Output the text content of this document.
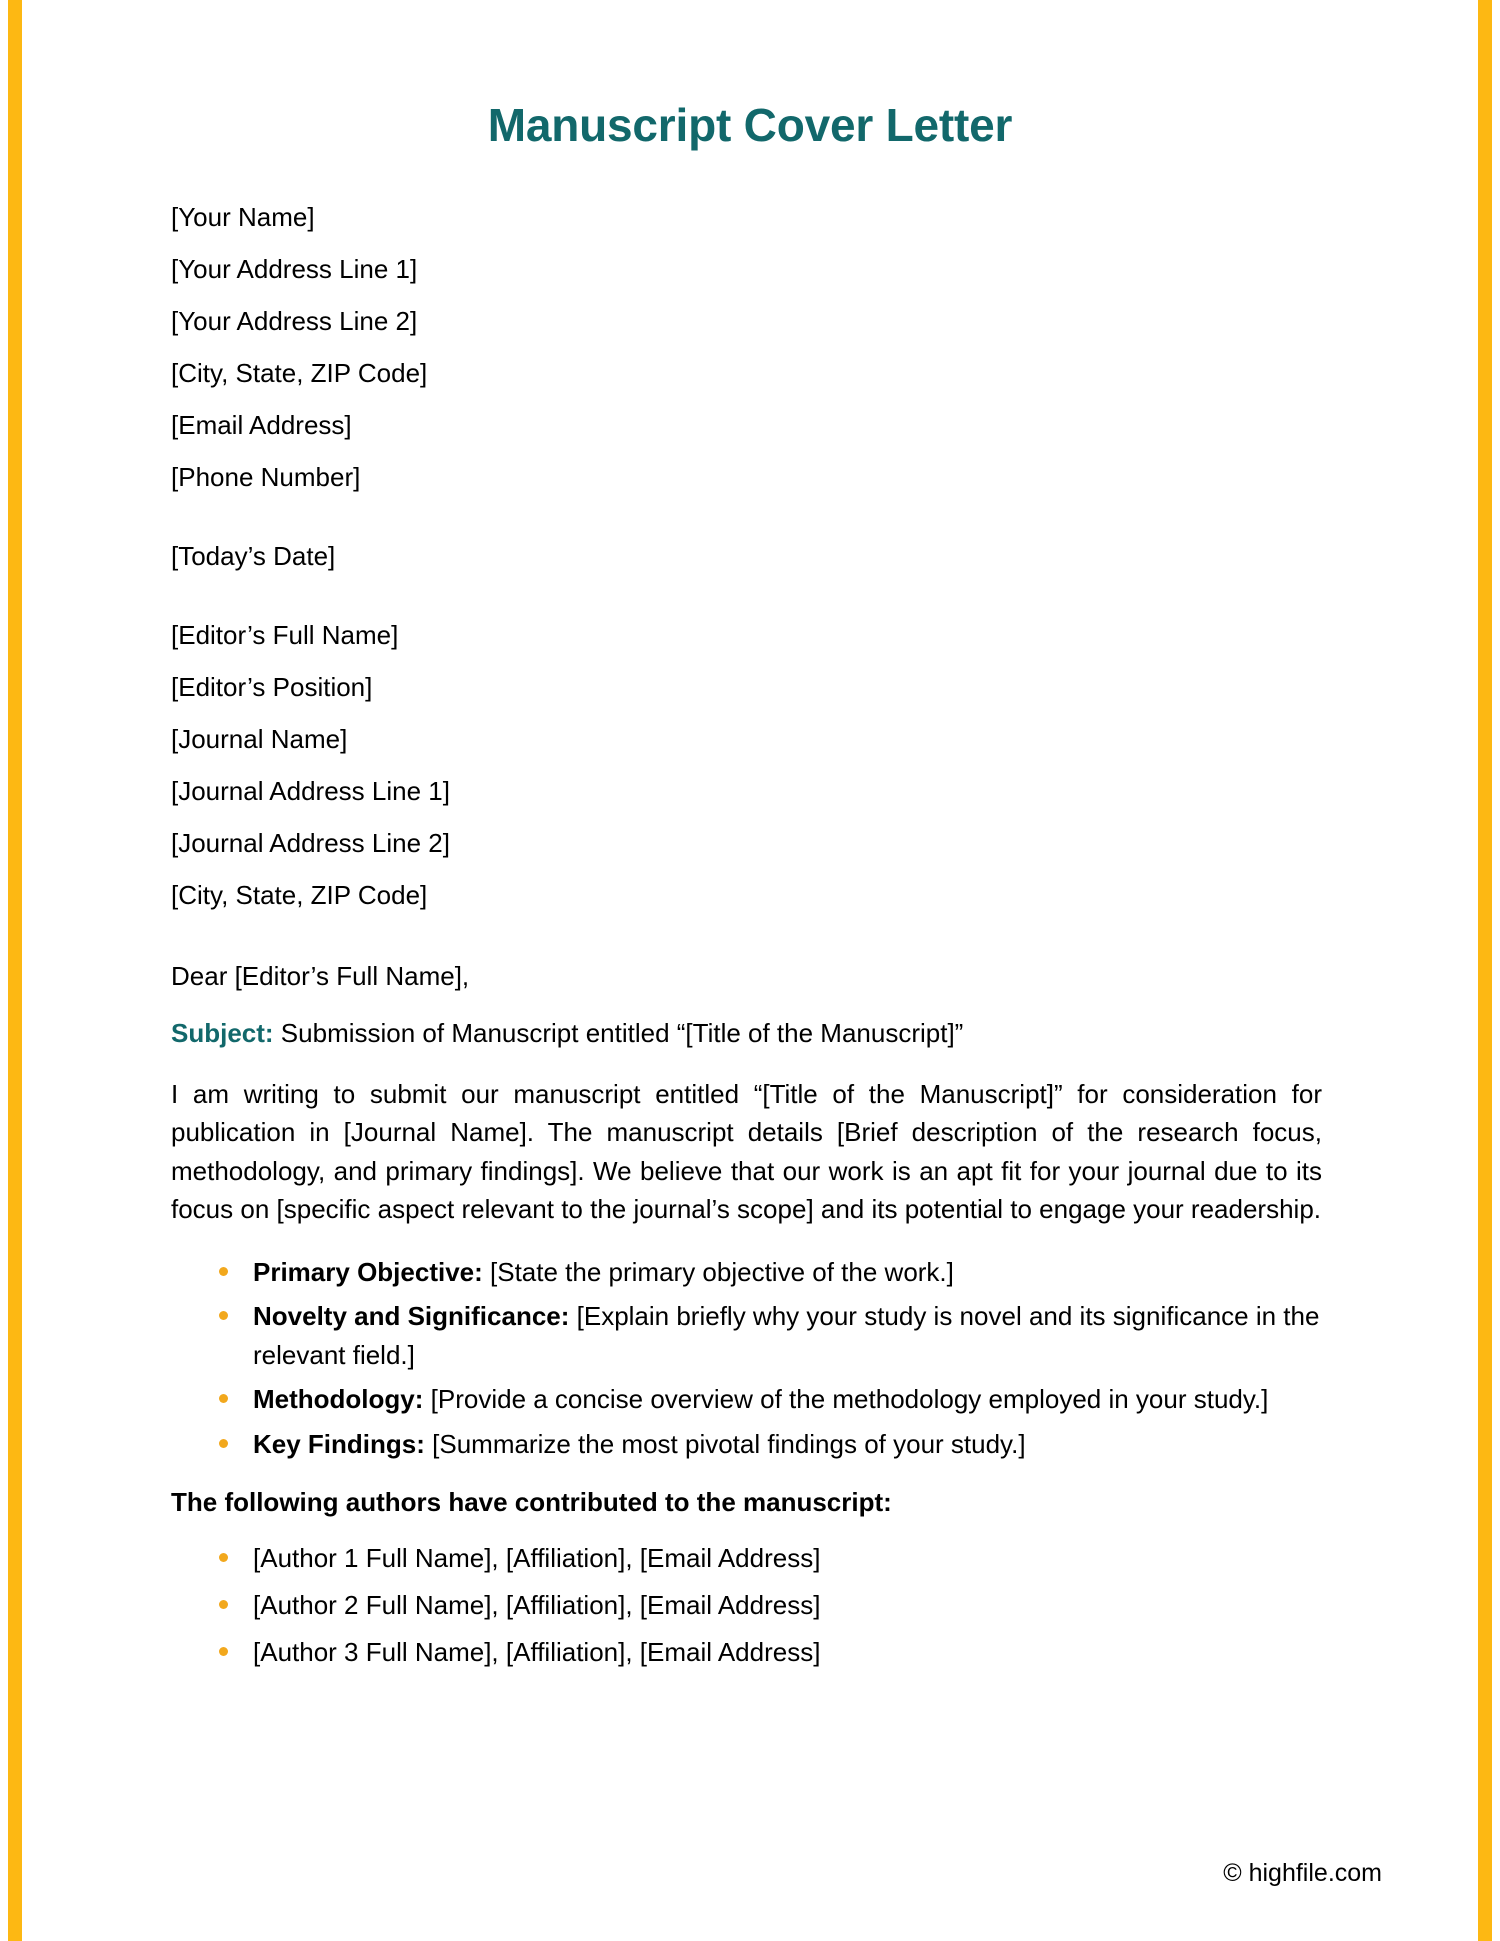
Manuscript Cover Letter

[Your Name]

[Your Address Line 1]

[Your Address Line 2]

[City, State, ZIP Code]

[Email Address]

[Phone Number]

[Today’s Date]

[Editor’s Full Name]

[Editor’s Position]

[Journal Name]

[Journal Address Line 1]

[Journal Address Line 2]

[City, State, ZIP Code]

Dear [Editor’s Full Name],

Subject: Submission of Manuscript entitled “[Title of the Manuscript]”

I am writing to submit our manuscript entitled “[Title of the Manuscript]” for consideration for publication in [Journal Name]. The manuscript details [Brief description of the research focus, methodology, and primary findings]. We believe that our work is an apt fit for your journal due to its focus on [specific aspect relevant to the journal’s scope] and its potential to engage your readership.

Primary Objective: [State the primary objective of the work.]
Novelty and Significance: [Explain briefly why your study is novel and its significance in the relevant field.]
Methodology: [Provide a concise overview of the methodology employed in your study.]
Key Findings: [Summarize the most pivotal findings of your study.]

The following authors have contributed to the manuscript:

[Author 1 Full Name], [Affiliation], [Email Address]
[Author 2 Full Name], [Affiliation], [Email Address]
[Author 3 Full Name], [Affiliation], [Email Address]
© highfile.com
